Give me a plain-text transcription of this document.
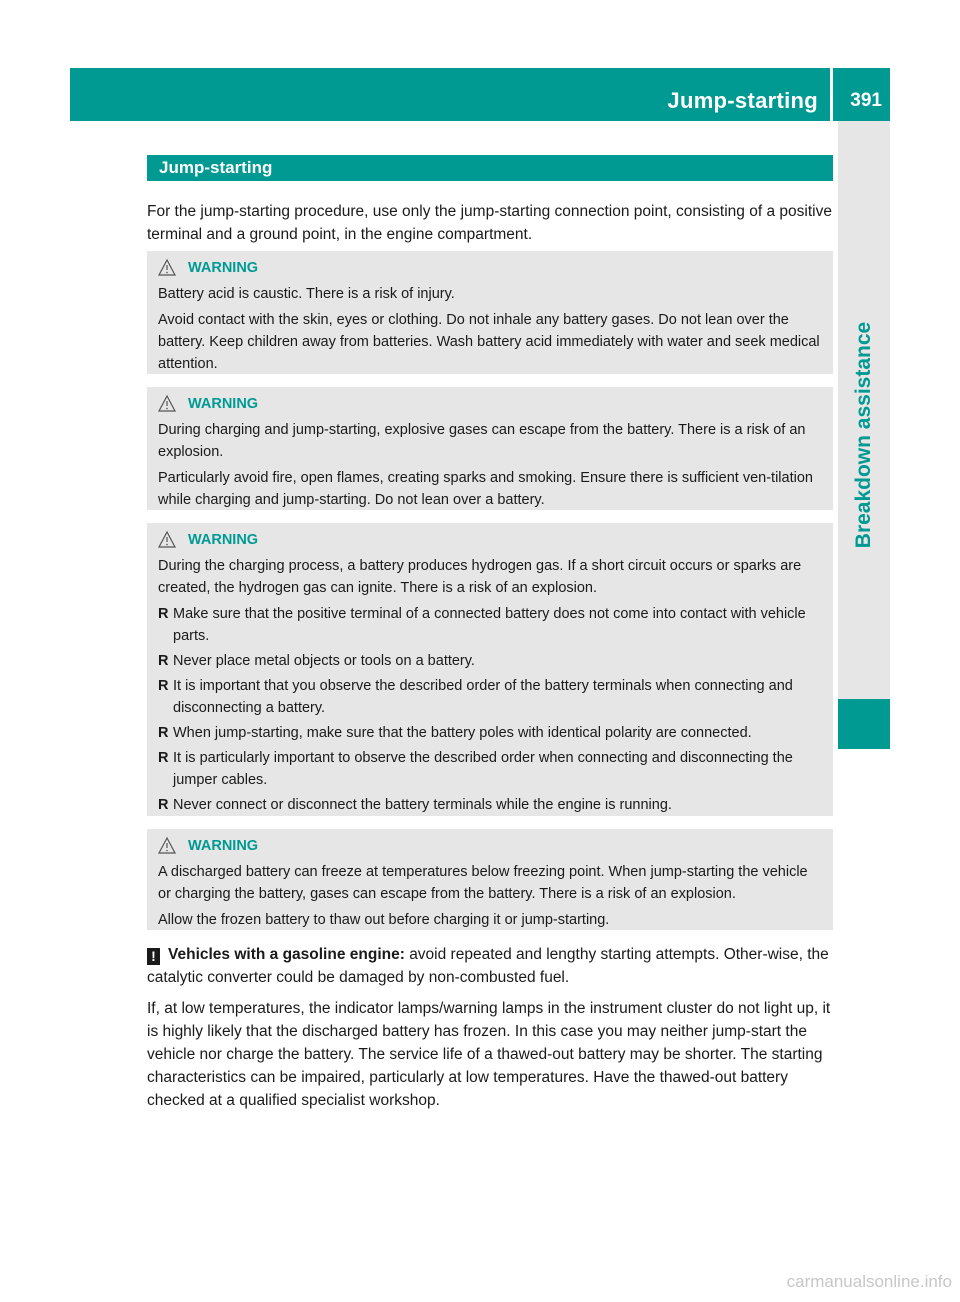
Jump-starting 391
Breakdown assistance
Jump-starting

For the jump-starting procedure, use only the jump-starting connection point, consisting of a positive terminal and a ground point, in the engine compartment.

WARNING

Battery acid is caustic. There is a risk of injury.

Avoid contact with the skin, eyes or clothing. Do not inhale any battery gases. Do not lean over the battery. Keep children away from batteries. Wash battery acid immediately with water and seek medical attention.

WARNING

During charging and jump-starting, explosive gases can escape from the battery. There is a risk of an explosion.

Particularly avoid fire, open flames, creating sparks and smoking. Ensure there is sufficient ven-tilation while charging and jump-starting. Do not lean over a battery.

WARNING

During the charging process, a battery produces hydrogen gas. If a short circuit occurs or sparks are created, the hydrogen gas can ignite. There is a risk of an explosion.

R Make sure that the positive terminal of a connected battery does not come into contact with vehicle parts.
R Never place metal objects or tools on a battery.
R It is important that you observe the described order of the battery terminals when connecting and disconnecting a battery.
R When jump-starting, make sure that the battery poles with identical polarity are connected.
R It is particularly important to observe the described order when connecting and disconnecting the jumper cables.
R Never connect or disconnect the battery terminals while the engine is running.
WARNING

A discharged battery can freeze at temperatures below freezing point. When jump-starting the vehicle or charging the battery, gases can escape from the battery. There is a risk of an explosion.

Allow the frozen battery to thaw out before charging it or jump-starting.

! Vehicles with a gasoline engine: avoid repeated and lengthy starting attempts. Other-wise, the catalytic converter could be damaged by non-combusted fuel.

If, at low temperatures, the indicator lamps/warning lamps in the instrument cluster do not light up, it is highly likely that the discharged battery has frozen. In this case you may neither jump-start the vehicle nor charge the battery. The service life of a thawed-out battery may be shorter. The starting characteristics can be impaired, particularly at low temperatures. Have the thawed-out battery checked at a qualified specialist workshop.

carmanualsonline.info
